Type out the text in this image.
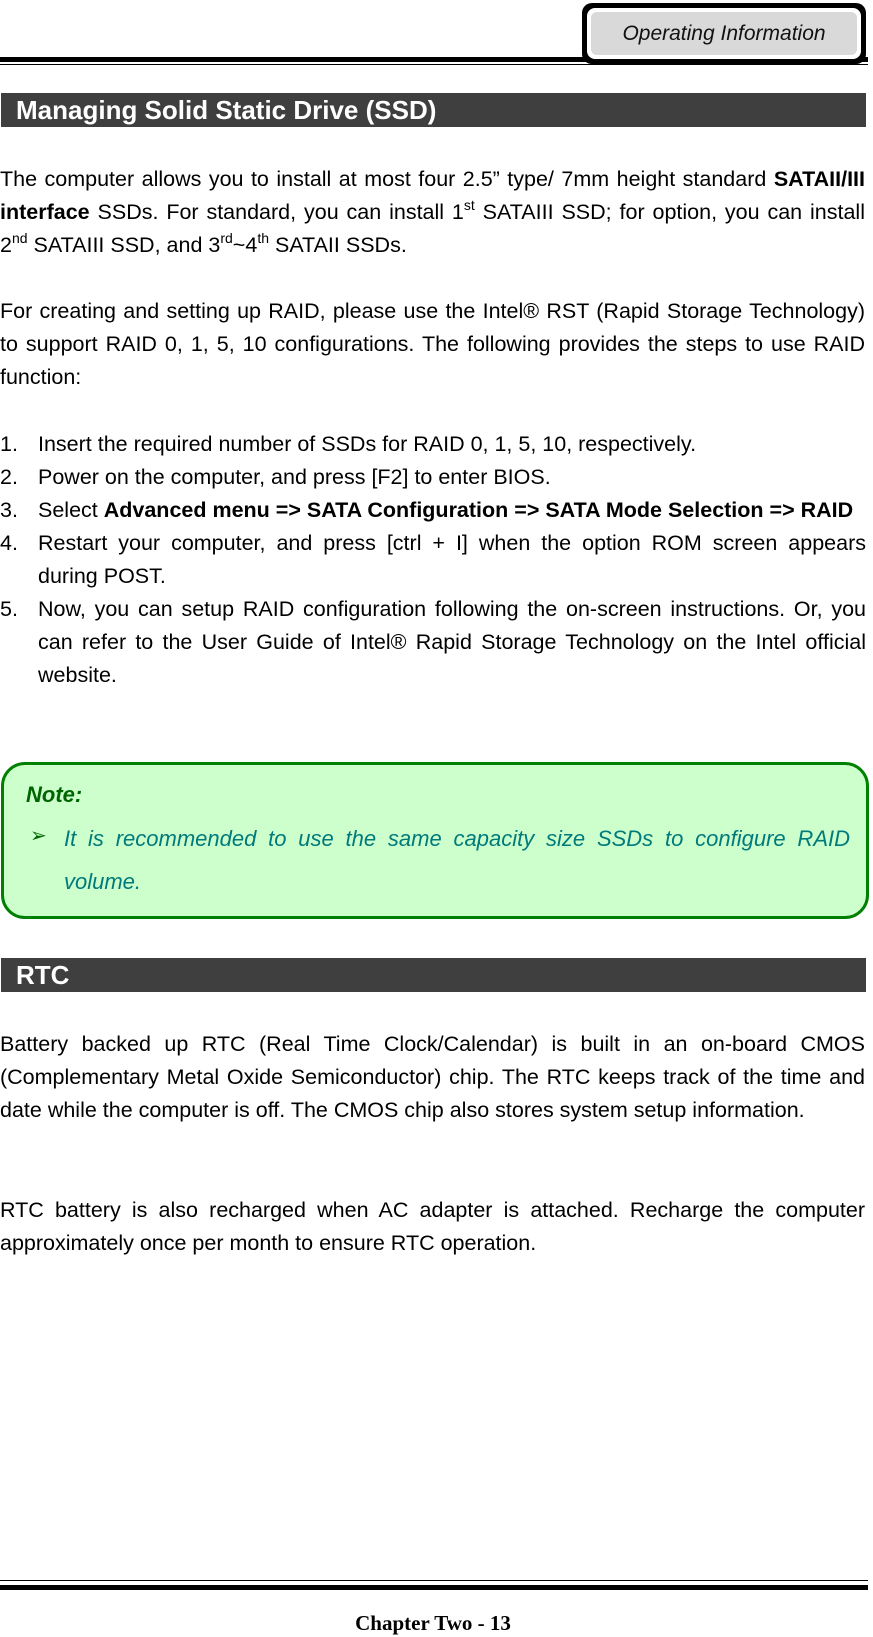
Operating Information
Managing Solid Static Drive (SSD)

The computer allows you to install at most four 2.5” type/ 7mm height standard SATAII/III interface SSDs. For standard, you can install 1st SATAIII SSD; for option, you can install 2nd SATAIII SSD, and 3rd~4th SATAII SSDs.

For creating and setting up RAID, please use the Intel® RST (Rapid Storage Technology) to support RAID 0, 1, 5, 10 configurations. The following provides the steps to use RAID function:

1. Insert the required number of SSDs for RAID 0, 1, 5, 10, respectively.
2. Power on the computer, and press [F2] to enter BIOS.
3. Select Advanced menu => SATA Configuration => SATA Mode Selection => RAID
4. Restart your computer, and press [ctrl + I] when the option ROM screen appears during POST.
5. Now, you can setup RAID configuration following the on-screen instructions. Or, you can refer to the User Guide of Intel® Rapid Storage Technology on the Intel official website.
Note:
➢ It is recommended to use the same capacity size SSDs to configure RAID volume.
RTC

Battery backed up RTC (Real Time Clock/Calendar) is built in an on-board CMOS (Complementary Metal Oxide Semiconductor) chip. The RTC keeps track of the time and date while the computer is off. The CMOS chip also stores system setup information.

RTC battery is also recharged when AC adapter is attached. Recharge the computer approximately once per month to ensure RTC operation.

Chapter Two - 13
